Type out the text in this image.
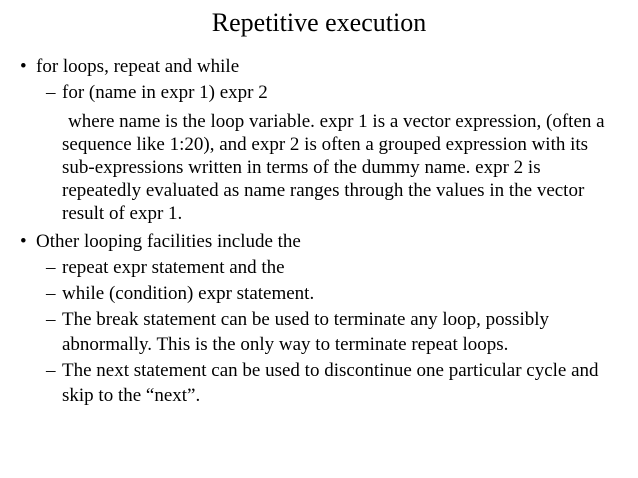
Repetitive execution
• for loops, repeat and while
– for (name in expr 1) expr 2
where name is the loop variable. expr 1 is a vector expression, (often a sequence like 1:20), and expr 2 is often a grouped expression with its sub-expressions written in terms of the dummy name. expr 2 is repeatedly evaluated as name ranges through the values in the vector result of expr 1.
• Other looping facilities include the
– repeat expr statement and the
– while (condition) expr statement.
– The break statement can be used to terminate any loop, possibly abnormally. This is the only way to terminate repeat loops.
– The next statement can be used to discontinue one particular cycle and skip to the “next”.
